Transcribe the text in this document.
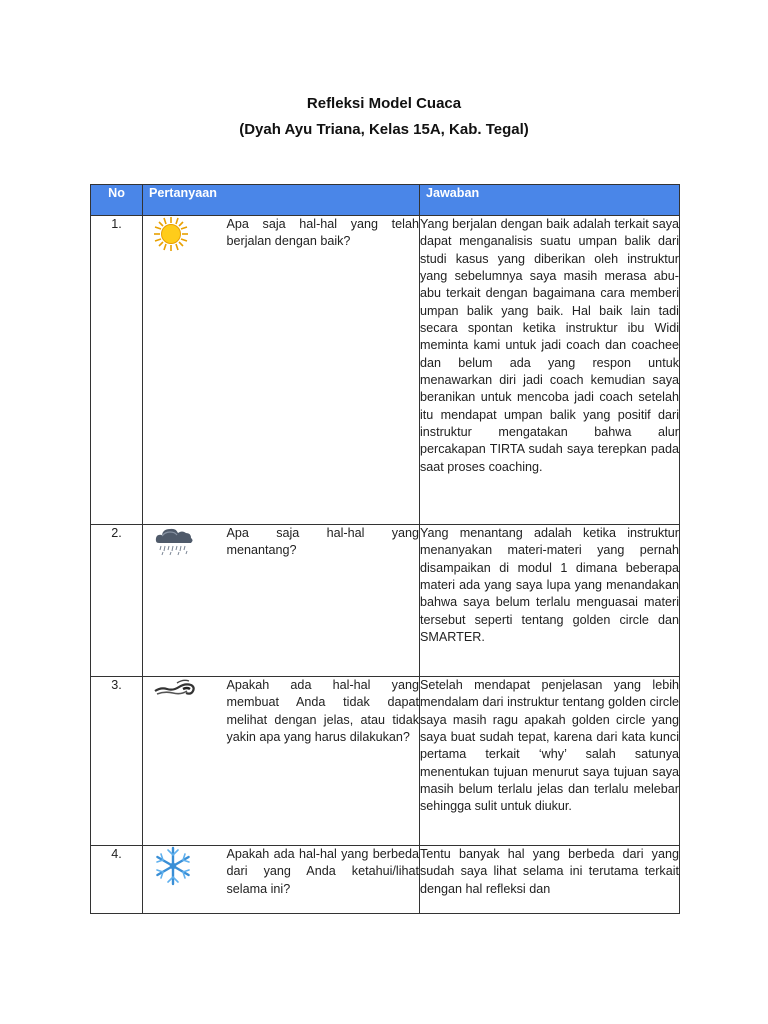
Refleksi Model Cuaca
(Dyah Ayu Triana, Kelas 15A, Kab. Tegal)
No	Pertanyaan		Jawaban
1.		Apa saja hal-hal yang telah berjalan dengan baik?	Yang berjalan dengan baik adalah terkait saya dapat menganalisis suatu umpan balik dari studi kasus yang diberikan oleh instruktur yang sebelumnya saya masih merasa abu-abu terkait dengan bagaimana cara memberi umpan balik yang baik. Hal baik lain tadi secara spontan ketika instruktur ibu Widi meminta kami untuk jadi coach dan coachee dan belum ada yang respon untuk menawarkan diri jadi coach kemudian saya beranikan untuk mencoba jadi coach setelah itu mendapat umpan balik yang positif dari instruktur mengatakan bahwa alur percakapan TIRTA sudah saya terepkan pada saat proses coaching.
2.		Apa saja hal-hal yang menantang?	Yang menantang adalah ketika instruktur menanyakan materi-materi yang pernah disampaikan di modul 1 dimana beberapa materi ada yang saya lupa yang menandakan bahwa saya belum terlalu menguasai materi tersebut seperti tentang golden circle dan SMARTER.
3.		Apakah ada hal-hal yang membuat Anda tidak dapat melihat dengan jelas, atau tidak yakin apa yang harus dilakukan?	Setelah mendapat penjelasan yang lebih mendalam dari instruktur tentang golden circle saya masih ragu apakah golden circle yang saya buat sudah tepat, karena dari kata kunci pertama terkait ‘why’ salah satunya menentukan tujuan menurut saya tujuan saya masih belum terlalu jelas dan terlalu melebar sehingga sulit untuk diukur.
4.		Apakah ada hal-hal yang berbeda dari yang Anda ketahui/lihat selama ini?	Tentu banyak hal yang berbeda dari yang sudah saya lihat selama ini terutama terkait dengan hal refleksi dan
